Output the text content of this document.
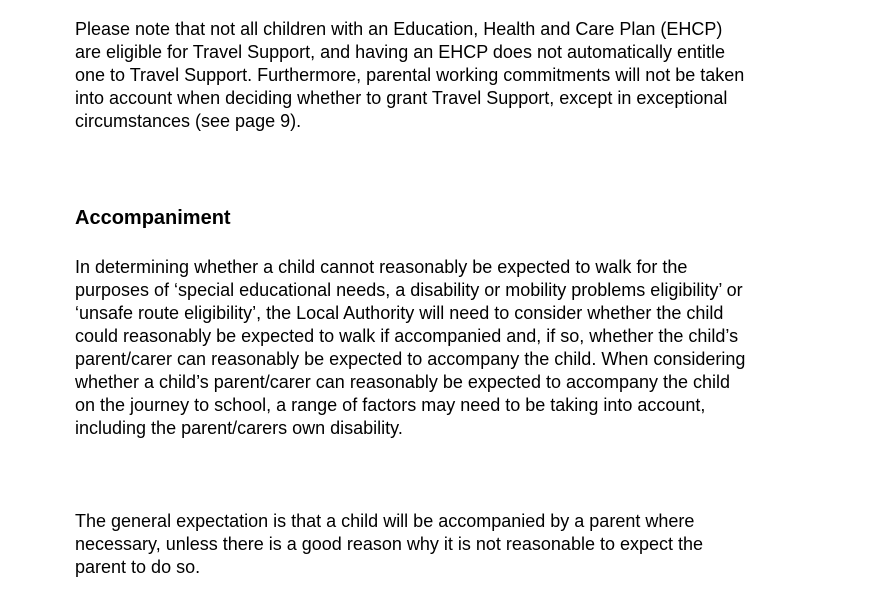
Please note that not all children with an Education, Health and Care Plan (EHCP)
are eligible for Travel Support, and having an EHCP does not automatically entitle
one to Travel Support. Furthermore, parental working commitments will not be taken
into account when deciding whether to grant Travel Support, except in exceptional
circumstances (see page 9).

Accompaniment

In determining whether a child cannot reasonably be expected to walk for the
purposes of ‘special educational needs, a disability or mobility problems eligibility’ or
‘unsafe route eligibility’, the Local Authority will need to consider whether the child
could reasonably be expected to walk if accompanied and, if so, whether the child’s
parent/carer can reasonably be expected to accompany the child. When considering
whether a child’s parent/carer can reasonably be expected to accompany the child
on the journey to school, a range of factors may need to be taking into account,
including the parent/carers own disability.

The general expectation is that a child will be accompanied by a parent where
necessary, unless there is a good reason why it is not reasonable to expect the
parent to do so.
